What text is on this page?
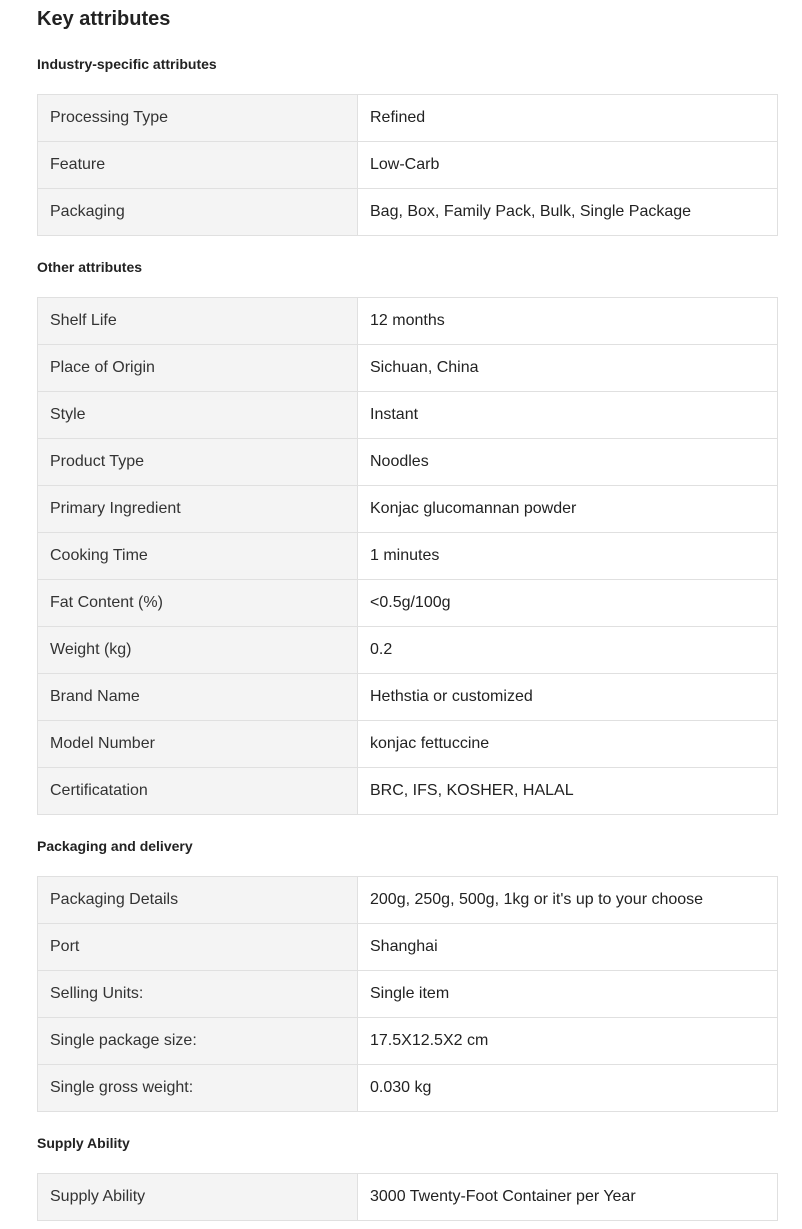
Key attributes
Industry-specific attributes
Processing Type	Refined
Feature	Low-Carb
Packaging	Bag, Box, Family Pack, Bulk, Single Package
Other attributes
Shelf Life	12 months
Place of Origin	Sichuan, China
Style	Instant
Product Type	Noodles
Primary Ingredient	Konjac glucomannan powder
Cooking Time	1 minutes
Fat Content (%)	<0.5g/100g
Weight (kg)	0.2
Brand Name	Hethstia or customized
Model Number	konjac fettuccine
Certificatation	BRC, IFS, KOSHER, HALAL
Packaging and delivery
Packaging Details	200g, 250g, 500g, 1kg or it's up to your choose
Port	Shanghai
Selling Units:	Single item
Single package size:	17.5X12.5X2 cm
Single gross weight:	0.030 kg
Supply Ability
Supply Ability	3000 Twenty-Foot Container per Year
